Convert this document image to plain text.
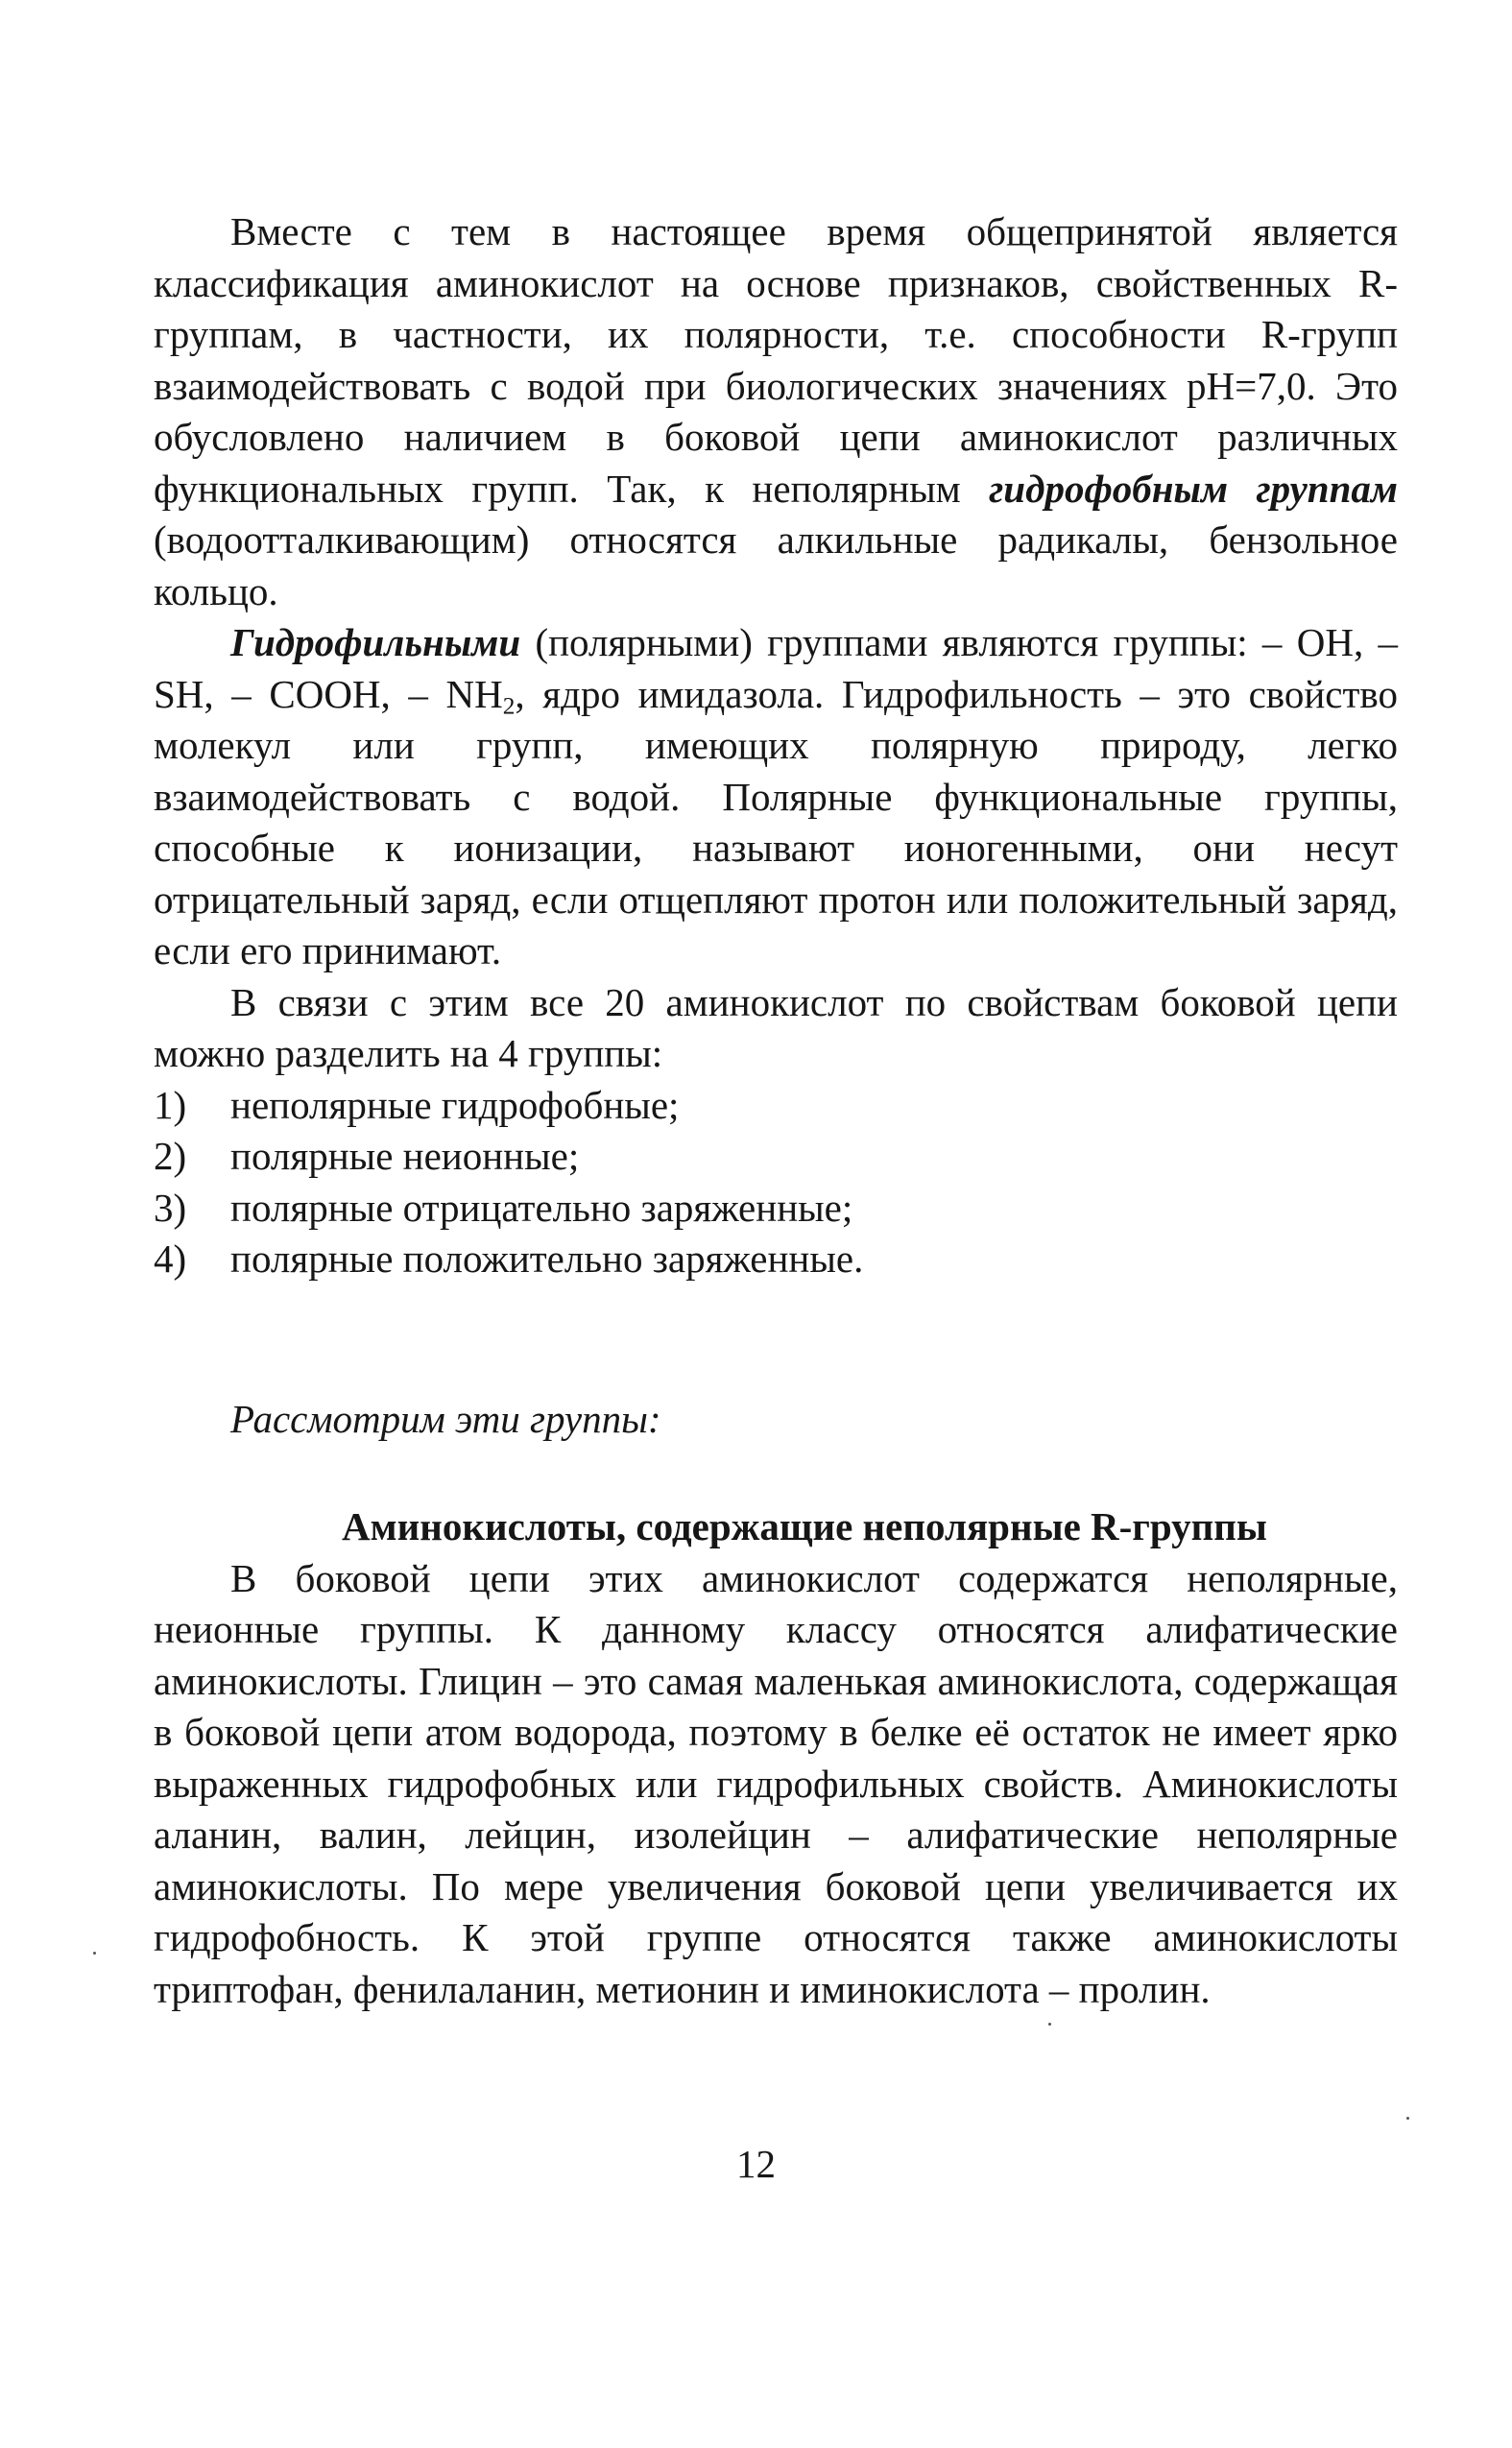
Вместе с тем в настоящее время общепринятой является классификация аминокислот на основе признаков, свойственных R-группам, в частности, их полярности, т.е. способности R-групп взаимодействовать с водой при биологических значениях pH=7,0. Это обусловлено наличием в боковой цепи аминокислот различных функциональных групп. Так, к неполярным гидрофобным группам (водоотталкивающим) относятся алкильные радикалы, бензольное кольцо.

Гидрофильными (полярными) группами являются группы: – OH, – SH, – COOH, – $NH_2$, ядро имидазола. Гидрофильность – это свойство молекул или групп, имеющих полярную природу, легко взаимодействовать с водой. Полярные функциональные группы, способные к ионизации, называют ионогенными, они несут отрицательный заряд, если отщепляют протон или положительный заряд, если его принимают.

В связи с этим все 20 аминокислот по свойствам боковой цепи можно разделить на 4 группы:

1)	неполярные гидрофобные;
2)	полярные неионные;
3)	полярные отрицательно заряженные;
4)	полярные положительно заряженные.

Рассмотрим эти группы:

Аминокислоты, содержащие неполярные R-группы

В боковой цепи этих аминокислот содержатся неполярные, неионные группы. К данному классу относятся алифатические аминокислоты. Глицин – это самая маленькая аминокислота, содержащая в боковой цепи атом водорода, поэтому в белке её остаток не имеет ярко выраженных гидрофобных или гидрофильных свойств. Аминокислоты аланин, валин, лейцин, изолейцин – алифатические неполярные аминокислоты. По мере увеличения боковой цепи увеличивается их гидрофобность. К этой группе относятся также аминокислоты триптофан, фенилаланин, метионин и иминокислота – пролин.

12
